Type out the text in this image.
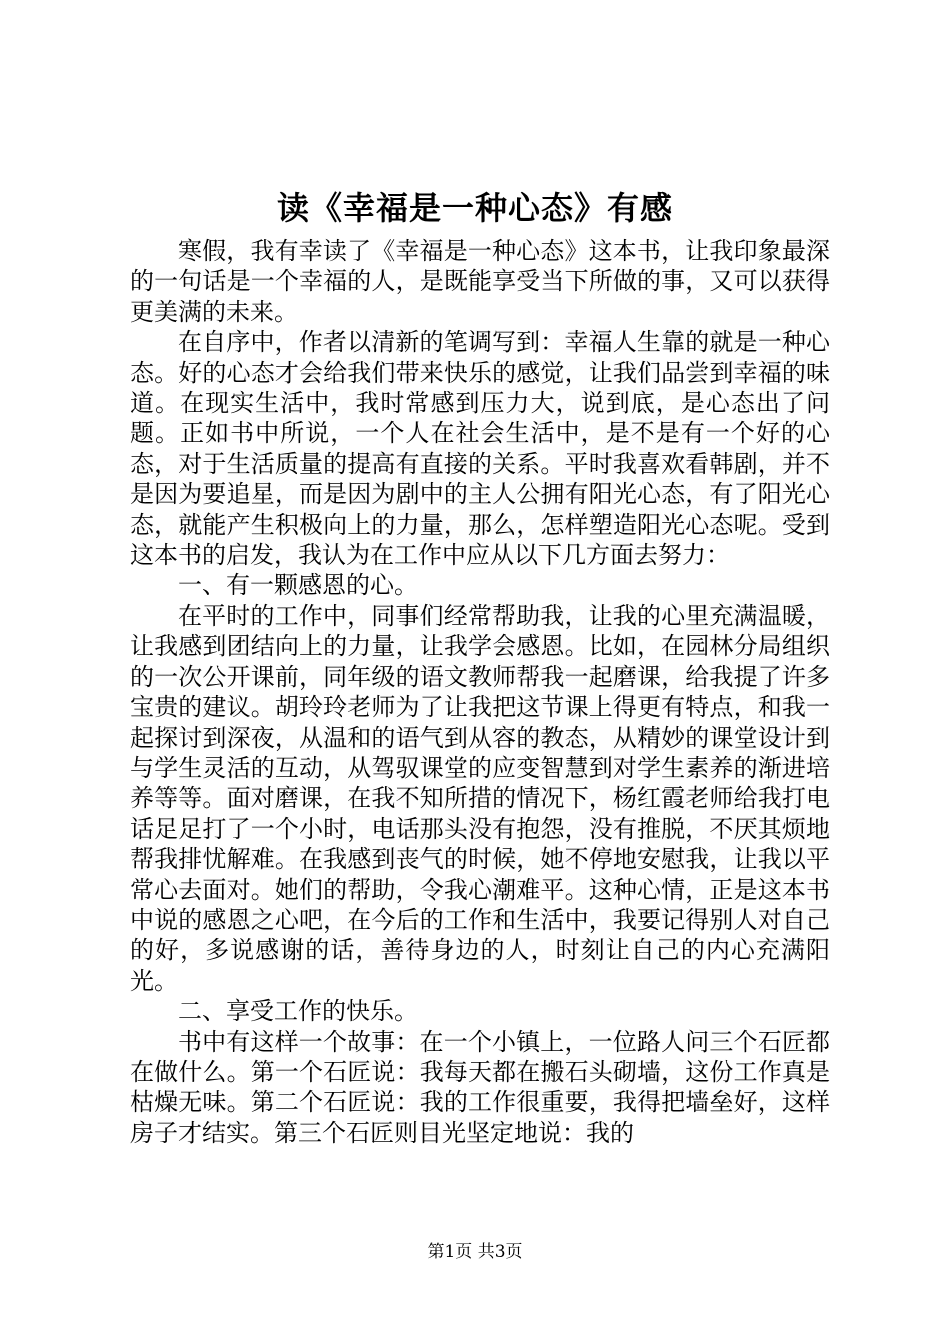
读《幸福是一种心态》有感

寒假，我有幸读了《幸福是一种心态》这本书，让我印象最深的一句话是一个幸福的人，是既能享受当下所做的事，又可以获得更美满的未来。

在自序中，作者以清新的笔调写到：幸福人生靠的就是一种心态。好的心态才会给我们带来快乐的感觉，让我们品尝到幸福的味道。在现实生活中，我时常感到压力大，说到底，是心态出了问题。正如书中所说，一个人在社会生活中，是不是有一个好的心态，对于生活质量的提高有直接的关系。平时我喜欢看韩剧，并不是因为要追星，而是因为剧中的主人公拥有阳光心态，有了阳光心态，就能产生积极向上的力量，那么，怎样塑造阳光心态呢。受到这本书的启发，我认为在工作中应从以下几方面去努力：

一、有一颗感恩的心。

在平时的工作中，同事们经常帮助我，让我的心里充满温暖，让我感到团结向上的力量，让我学会感恩。比如，在园林分局组织的一次公开课前，同年级的语文教师帮我一起磨课，给我提了许多宝贵的建议。胡玲玲老师为了让我把这节课上得更有特点，和我一起探讨到深夜，从温和的语气到从容的教态，从精妙的课堂设计到与学生灵活的互动，从驾驭课堂的应变智慧到对学生素养的渐进培养等等。面对磨课，在我不知所措的情况下，杨红霞老师给我打电话足足打了一个小时，电话那头没有抱怨，没有推脱，不厌其烦地帮我排忧解难。在我感到丧气的时候，她不停地安慰我，让我以平常心去面对。她们的帮助，令我心潮难平。这种心情，正是这本书中说的感恩之心吧，在今后的工作和生活中，我要记得别人对自己的好，多说感谢的话，善待身边的人，时刻让自己的内心充满阳光。

二、享受工作的快乐。

书中有这样一个故事：在一个小镇上，一位路人问三个石匠都在做什么。第一个石匠说：我每天都在搬石头砌墙，这份工作真是枯燥无味。第二个石匠说：我的工作很重要，我得把墙垒好，这样房子才结实。第三个石匠则目光坚定地说：我的

第1页 共3页
